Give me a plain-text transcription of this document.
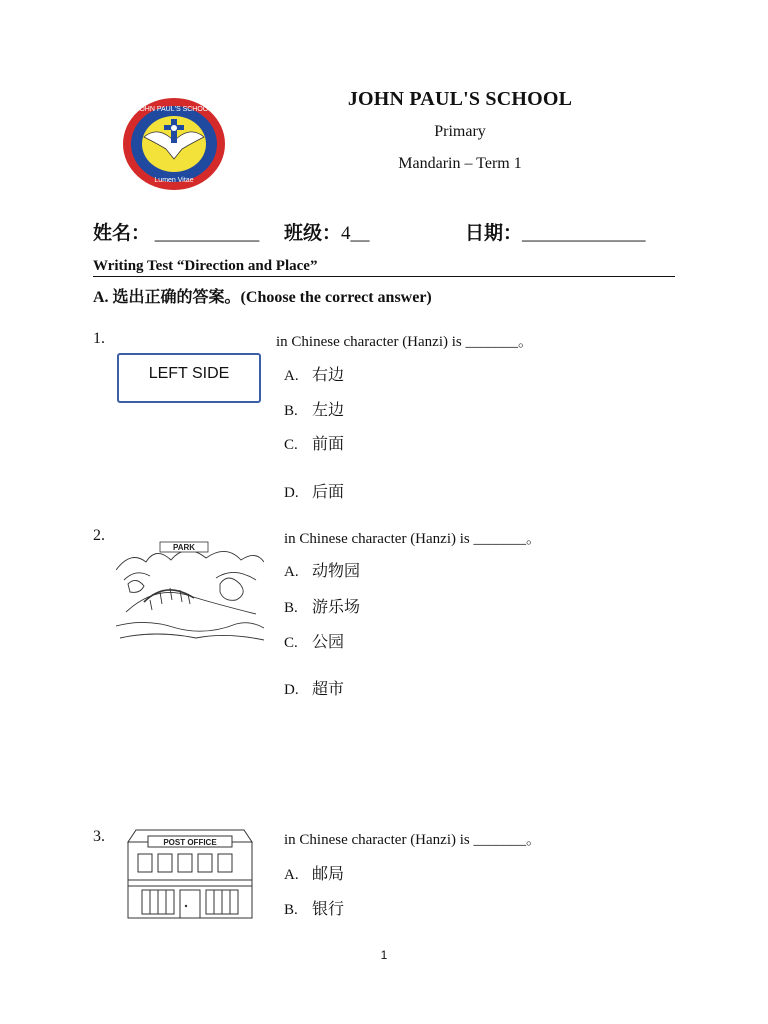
JOHN PAUL'S SCHOOL
Lumen Vitae
JOHN PAUL'S SCHOOL
Primary
Mandarin – Term 1
姓名： ___________ 班级：4__	日期：_____________
Writing Test “Direction and Place”
A. 选出正确的答案。(Choose the correct answer)
1.	in Chinese character (Hanzi) is _______。
LEFT SIDE	A. 右边
B. 左边
C. 前面
D. 后面
2.	in Chinese character (Hanzi) is _______。
PARK
A. 动物园
B. 游乐场
C. 公园
D. 超市
3.	in Chinese character (Hanzi) is _______。
POST OFFICE
A. 邮局
B. 银行
1
